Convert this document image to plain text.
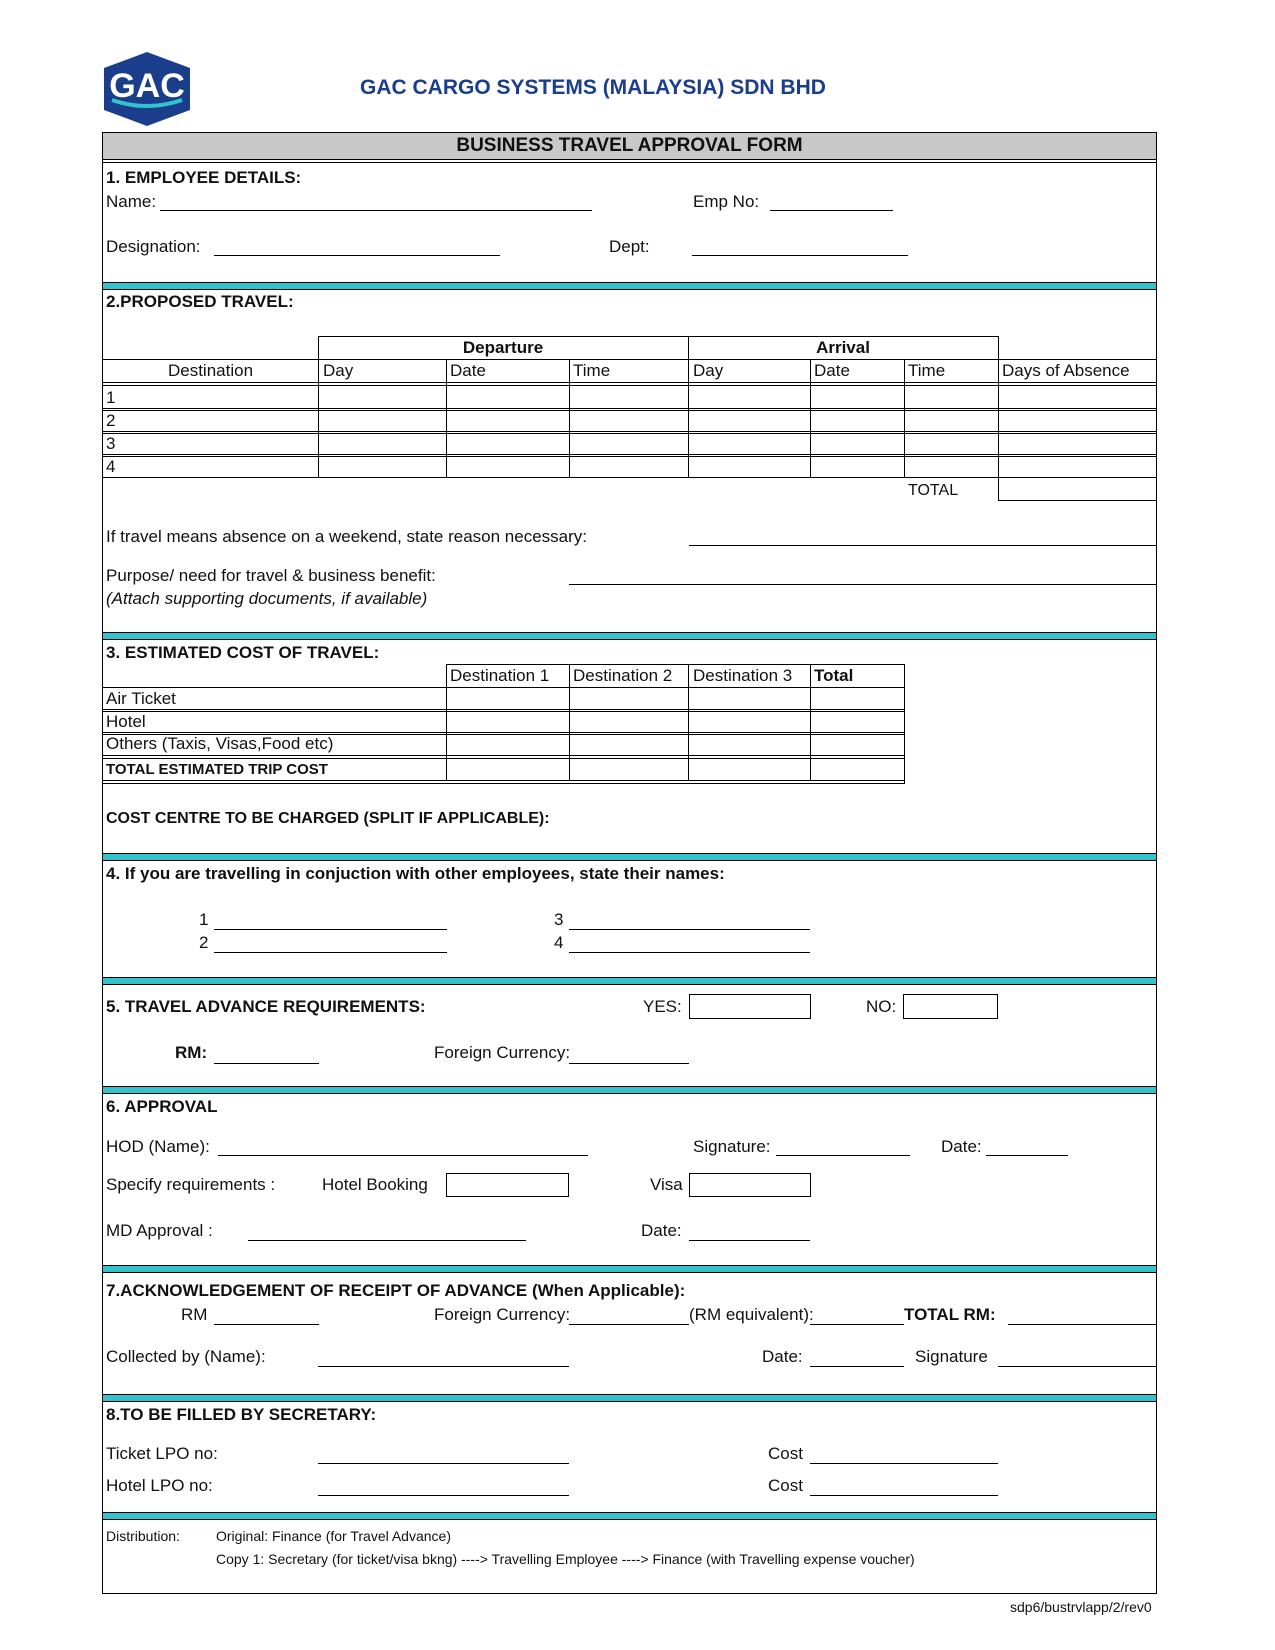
GAC	GAC CARGO SYSTEMS (MALAYSIA) SDN BHD
BUSINESS TRAVEL APPROVAL FORM
1. EMPLOYEE DETAILS:
Name:	Emp No:
Designation:	Dept:
2.PROPOSED TRAVEL:
Departure	Arrival
Destination	Day	Date	Time	Day	Date	Time	Days of Absence
1
2
3
4
TOTAL
If travel means absence on a weekend, state reason necessary:
Purpose/ need for travel & business benefit:
(Attach supporting documents, if available)
3. ESTIMATED COST OF TRAVEL:
Destination 1 Destination 2 Destination 3 Total
Air Ticket
Hotel
Others (Taxis, Visas,Food etc)
TOTAL ESTIMATED TRIP COST
COST CENTRE TO BE CHARGED (SPLIT IF APPLICABLE):
4. If you are travelling in conjuction with other employees, state their names:
1
2
3
4
5. TRAVEL ADVANCE REQUIREMENTS:	YES:	NO:
RM:	Foreign Currency:
6. APPROVAL
HOD (Name):	Signature:	Date:
Specify requirements :	Hotel Booking	Visa
MD Approval :	Date:
7.ACKNOWLEDGEMENT OF RECEIPT OF ADVANCE (When Applicable):
RM	Foreign Currency:	(RM equivalent):	TOTAL RM:
Collected by (Name):	Date:	Signature
8.TO BE FILLED BY SECRETARY:
Ticket LPO no:	Cost
Hotel LPO no:	Cost
Distribution:	Original: Finance (for Travel Advance)
Copy 1: Secretary (for ticket/visa bkng) ----> Travelling Employee ----> Finance (with Travelling expense voucher)
sdp6/bustrvlapp/2/rev0
